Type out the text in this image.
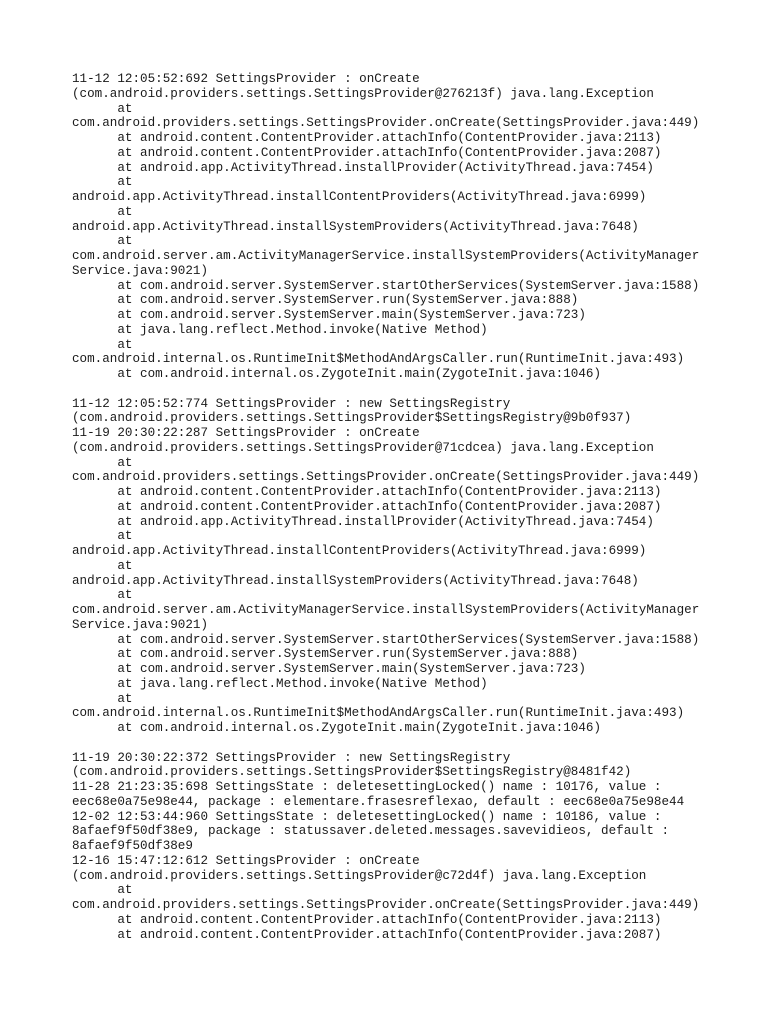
11-12 12:05:52:692 SettingsProvider : onCreate
(com.android.providers.settings.SettingsProvider@276213f) java.lang.Exception
at
com.android.providers.settings.SettingsProvider.onCreate(SettingsProvider.java:449)
at android.content.ContentProvider.attachInfo(ContentProvider.java:2113)
at android.content.ContentProvider.attachInfo(ContentProvider.java:2087)
at android.app.ActivityThread.installProvider(ActivityThread.java:7454)
at
android.app.ActivityThread.installContentProviders(ActivityThread.java:6999)
at
android.app.ActivityThread.installSystemProviders(ActivityThread.java:7648)
at
com.android.server.am.ActivityManagerService.installSystemProviders(ActivityManager
Service.java:9021)
at com.android.server.SystemServer.startOtherServices(SystemServer.java:1588)
at com.android.server.SystemServer.run(SystemServer.java:888)
at com.android.server.SystemServer.main(SystemServer.java:723)
at java.lang.reflect.Method.invoke(Native Method)
at
com.android.internal.os.RuntimeInit$MethodAndArgsCaller.run(RuntimeInit.java:493)
at com.android.internal.os.ZygoteInit.main(ZygoteInit.java:1046)
11-12 12:05:52:774 SettingsProvider : new SettingsRegistry
(com.android.providers.settings.SettingsProvider$SettingsRegistry@9b0f937)
11-19 20:30:22:287 SettingsProvider : onCreate
(com.android.providers.settings.SettingsProvider@71cdcea) java.lang.Exception
at
com.android.providers.settings.SettingsProvider.onCreate(SettingsProvider.java:449)
at android.content.ContentProvider.attachInfo(ContentProvider.java:2113)
at android.content.ContentProvider.attachInfo(ContentProvider.java:2087)
at android.app.ActivityThread.installProvider(ActivityThread.java:7454)
at
android.app.ActivityThread.installContentProviders(ActivityThread.java:6999)
at
android.app.ActivityThread.installSystemProviders(ActivityThread.java:7648)
at
com.android.server.am.ActivityManagerService.installSystemProviders(ActivityManager
Service.java:9021)
at com.android.server.SystemServer.startOtherServices(SystemServer.java:1588)
at com.android.server.SystemServer.run(SystemServer.java:888)
at com.android.server.SystemServer.main(SystemServer.java:723)
at java.lang.reflect.Method.invoke(Native Method)
at
com.android.internal.os.RuntimeInit$MethodAndArgsCaller.run(RuntimeInit.java:493)
at com.android.internal.os.ZygoteInit.main(ZygoteInit.java:1046)
11-19 20:30:22:372 SettingsProvider : new SettingsRegistry
(com.android.providers.settings.SettingsProvider$SettingsRegistry@8481f42)
11-28 21:23:35:698 SettingsState : deletesettingLocked() name : 10176, value :
eec68e0a75e98e44, package : elementare.frasesreflexao, default : eec68e0a75e98e44
12-02 12:53:44:960 SettingsState : deletesettingLocked() name : 10186, value :
8afaef9f50df38e9, package : statussaver.deleted.messages.savevidieos, default :
8afaef9f50df38e9
12-16 15:47:12:612 SettingsProvider : onCreate
(com.android.providers.settings.SettingsProvider@c72d4f) java.lang.Exception
at
com.android.providers.settings.SettingsProvider.onCreate(SettingsProvider.java:449)
at android.content.ContentProvider.attachInfo(ContentProvider.java:2113)
at android.content.ContentProvider.attachInfo(ContentProvider.java:2087)
